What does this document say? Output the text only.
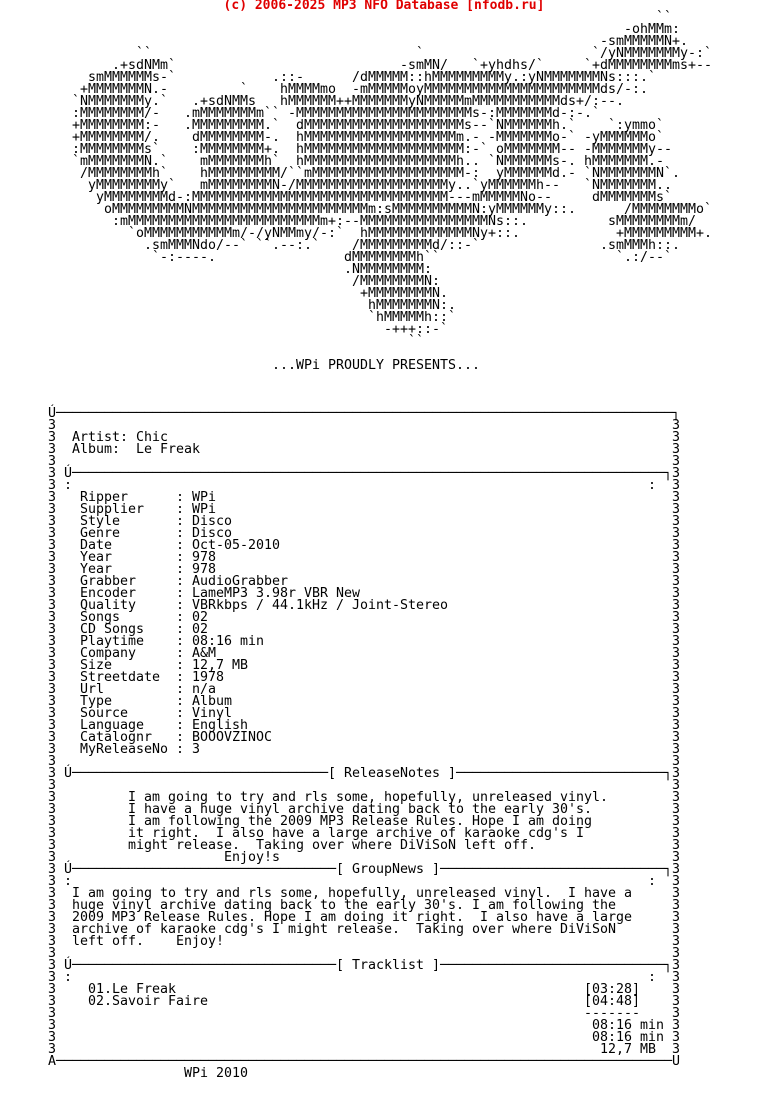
(c) 2006-2025 MP3 NFO Database [nfodb.ru]
``
-ohMMm:
-smMMMMMN+.
``                                 `                     `/yNMMMMMMMy-:`
.+sdNMm`                            -smMN/   `+yhdhs/`     `+dMMMMMMMMms+--
smMMMMMMs-`            .::-      /dMMMMM::hMMMMMMMMMy.:yNMMMMMMMNs:::.`
+MMMMMMMN.-         `    hMMMMmo  -mMMMMMoyMMMMMMMMMMMMMMMMMMMMMMds/-:.
`NMMMMMMMy.`   .+sdNMMs   hMMMMMM++MMMMMMMyNMMMMMmMMMMMMMMMMMds+/:--.
:MMMMMMMM/-   .mMMMMMMMm`` -MMMMMMMMMMMMMMMMMMMMMMs-:MMMMMMMd-:-.`
+MMMMMMMM:-   .MMMMMMMMM.`  dMMMMMMMMMMMMMMMMMMMMs--`NMMMMMMh.`    `:ymmo`
+MMMMMMMM/.    dMMMMMMMM-.  hMMMMMMMMMMMMMMMMMMMm.- -MMMMMMMo-` -yMMMMMMo`
:MMMMMMMMs`    :MMMMMMMM+.  hMMMMMMMMMMMMMMMMMMMM:-` oMMMMMMM-- -MMMMMMMy--
`mMMMMMMMN.`    mMMMMMMMh`  hMMMMMMMMMMMMMMMMMMMh.. `NMMMMMMs-. hMMMMMMM.-
/MMMMMMMMh`    hMMMMMMMMM/``mMMMMMMMMMMMMMMMMMMM-:  yMMMMMMd.- `NMMMMMMMN`.
yMMMMMMMMy`   mMMMMMMMMN-/MMMMMMMMMMMMMMMMMMMy..`yMMMMMMh--   `NMMMMMMM..
yMMMMMMMMd-:MMMMMMMMMMMMMMMMMMMMMMMMMMMMMMMM---mMMMMMNo--     dMMMMMMMs`
oMMMMMMMMMNMMMMMMMMMMMMMMMMMMMMMMm:sMMMMMMMMMMN:yMMMMMMy::.      /MMMMMMMMo`
:mMMMMMMMMMMMMMMMMMMMMMMMMm+:--MMMMMMMMMMMMMMMMNs::.          sMMMMMMMMm/
`oMMMMMMMMMMMm/-/yNMMmy/-:`  hMMMMMMMMMMMMMNy+::.            +MMMMMMMMM+.
.smMMMNdo/--` ``.--:.`    /MMMMMMMMMd/::-`               .smMMMh::.
`-:----.                dMMMMMMMMh``                      `.:/--`
.NMMMMMMMM:
/MMMMMMMMN:
+MMMMMMMMN.
hMMMMMMMN:.
`hMMMMMh::`
-+++::-`
``
...WPi PROUDLY PRESENTS...
Ú─────────────────────────────────────────────────────────────────────────────┐
3                                                                             3
3  Artist: Chic                                                               3
3  Album:  Le Freak                                                           3
3                                                                             3
3 Ú──────────────────────────────────────────────────────────────────────────┐3
3 :                                                                        :  3
3   Ripper      : WPi                                                         3
3   Supplier    : WPi                                                         3
3   Style       : Disco                                                       3
3   Genre       : Disco                                                       3
3   Date        : Oct-05-2010                                                 3
3   Year        : 978                                                         3
3   Year        : 978                                                         3
3   Grabber     : AudioGrabber                                                3
3   Encoder     : LameMP3 3.98r VBR New                                       3
3   Quality     : VBRkbps / 44.1kHz / Joint-Stereo                            3
3   Songs       : 02                                                          3
3   CD Songs    : 02                                                          3
3   Playtime    : 08:16 min                                                   3
3   Company     : A&M                                                         3
3   Size        : 12,7 MB                                                     3
3   Streetdate  : 1978                                                        3
3   Url         : n/a                                                         3
3   Type        : Album                                                       3
3   Source      : Vinyl                                                       3
3   Language    : English                                                     3
3   Catalognr   : BOOOVZINOC                                                  3
3   MyReleaseNo : 3                                                           3
3                                                                             3
3 Ú────────────────────────────────[ ReleaseNotes ]──────────────────────────┐3
3                                                                             3
3         I am going to try and rls some, hopefully, unreleased vinyl.        3
3         I have a huge vinyl archive dating back to the early 30's.          3
3         I am following the 2009 MP3 Release Rules. Hope I am doing          3
3         it right.  I also have a large archive of karaoke cdg's I           3
3         might release.  Taking over where DiViSoN left off.                 3
3                     Enjoy!s                                                 3
3 Ú─────────────────────────────────[ GroupNews ]────────────────────────────┐3
3 :                                                                        :  3
3  I am going to try and rls some, hopefully, unreleased vinyl.  I have a     3
3  huge vinyl archive dating back to the early 30's. I am following the       3
3  2009 MP3 Release Rules. Hope I am doing it right.  I also have a large     3
3  archive of karaoke cdg's I might release.  Taking over where DiViSoN       3
3  left off.    Enjoy!                                                        3
3                                                                             3
3 Ú─────────────────────────────────[ Tracklist ]────────────────────────────┐3
3 :                                                                        :  3
3    01.Le Freak                                                   [03:28]    3
3    02.Savoir Faire                                               [04:48]    3
3                                                                  -------    3
3                                                                   08:16 min 3
3                                                                   08:16 min 3
3                                                                    12,7 MB  3
A─────────────────────────────────────────────────────────────────────────────U
WPi 2010
